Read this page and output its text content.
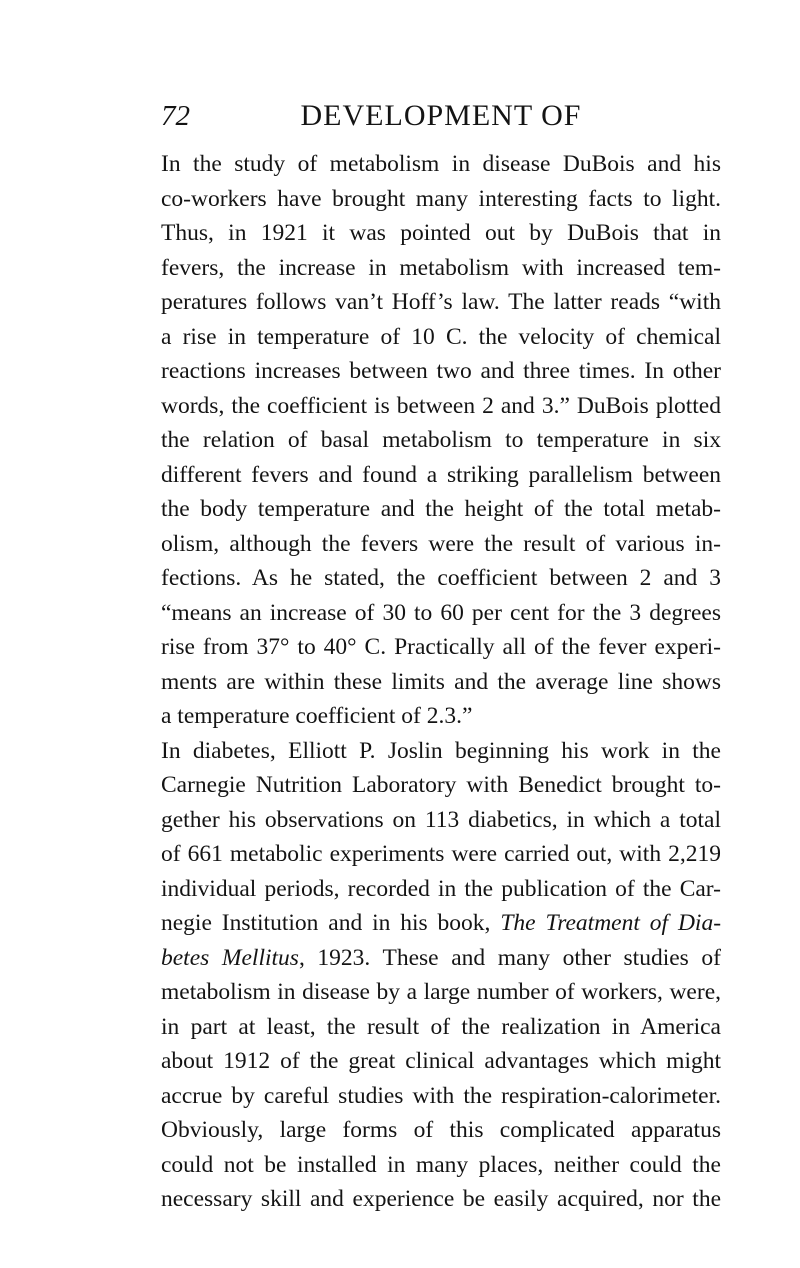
72	DEVELOPMENT OF
In the study of metabolism in disease DuBois and his
co-workers have brought many interesting facts to light.
Thus, in 1921 it was pointed out by DuBois that in
fevers, the increase in metabolism with increased tem-
peratures follows van’t Hoff’s law. The latter reads “with
a rise in temperature of 10 C. the velocity of chemical
reactions increases between two and three times. In other
words, the coefficient is between 2 and 3.” DuBois plotted
the relation of basal metabolism to temperature in six
different fevers and found a striking parallelism between
the body temperature and the height of the total metab-
olism, although the fevers were the result of various in-
fections. As he stated, the coefficient between 2 and 3
“means an increase of 30 to 60 per cent for the 3 degrees
rise from 37° to 40° C. Practically all of the fever experi-
ments are within these limits and the average line shows
a temperature coefficient of 2.3.”
In diabetes, Elliott P. Joslin beginning his work in the
Carnegie Nutrition Laboratory with Benedict brought to-
gether his observations on 113 diabetics, in which a total
of 661 metabolic experiments were carried out, with 2,219
individual periods, recorded in the publication of the Car-
negie Institution and in his book, The Treatment of Dia-
betes Mellitus, 1923. These and many other studies of
metabolism in disease by a large number of workers, were,
in part at least, the result of the realization in America
about 1912 of the great clinical advantages which might
accrue by careful studies with the respiration-calorimeter.
Obviously, large forms of this complicated apparatus
could not be installed in many places, neither could the
necessary skill and experience be easily acquired, nor the
